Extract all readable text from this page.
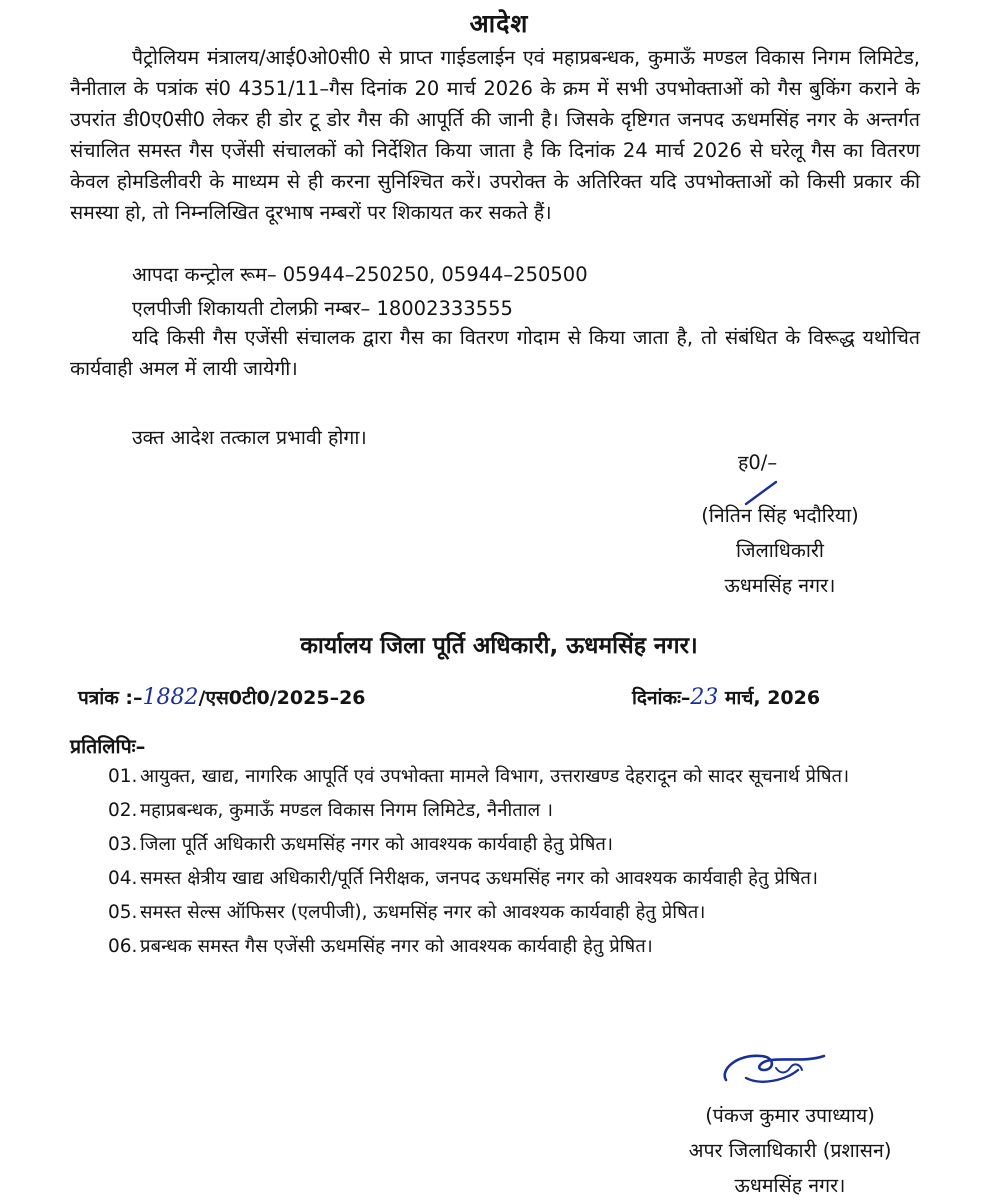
आदेश

पैट्रोलियम मंत्रालय/आई0ओ0सी0 से प्राप्त गाईडलाईन एवं महाप्रबन्धक, कुमाऊँ मण्डल विकास निगम लिमिटेड, नैनीताल के पत्रांक सं0 4351/11–गैस दिनांक 20 मार्च 2026 के क्रम में सभी उपभोक्ताओं को गैस बुकिंग कराने के उपरांत डी0ए0सी0 लेकर ही डोर टू डोर गैस की आपूर्ति की जानी है। जिसके दृष्टिगत जनपद ऊधमसिंह नगर के अन्तर्गत संचालित समस्त गैस एजेंसी संचालकों को निर्देशित किया जाता है कि दिनांक 24 मार्च 2026 से घरेलू गैस का वितरण केवल होमडिलीवरी के माध्यम से ही करना सुनिश्चित करें। उपरोक्त के अतिरिक्त यदि उपभोक्ताओं को किसी प्रकार की समस्या हो, तो निम्नलिखित दूरभाष नम्बरों पर शिकायत कर सकते हैं।

आपदा कन्ट्रोल रूम– 05944–250250, 05944–250500
एलपीजी शिकायती टोलफ्री नम्बर– 18002333555

यदि किसी गैस एजेंसी संचालक द्वारा गैस का वितरण गोदाम से किया जाता है, तो संबंधित के विरूद्ध यथोचित कार्यवाही अमल में लायी जायेगी।

उक्त आदेश तत्काल प्रभावी होगा।

ह0/–
(नितिन सिंह भदौरिया)
जिलाधिकारी
ऊधमसिंह नगर।
कार्यालय जिला पूर्ति अधिकारी, ऊधमसिंह नगर।
पत्रांक :–1882/एस0टी0/2025–26	दिनांकः–23 मार्च, 2026
प्रतिलिपिः–
01. आयुक्त, खाद्य, नागरिक आपूर्ति एवं उपभोक्ता मामले विभाग, उत्तराखण्ड देहरादून को सादर सूचनार्थ प्रेषित।
02. महाप्रबन्धक, कुमाऊँ मण्डल विकास निगम लिमिटेड, नैनीताल ।
03. जिला पूर्ति अधिकारी ऊधमसिंह नगर को आवश्यक कार्यवाही हेतु प्रेषित।
04. समस्त क्षेत्रीय खाद्य अधिकारी/पूर्ति निरीक्षक, जनपद ऊधमसिंह नगर को आवश्यक कार्यवाही हेतु प्रेषित।
05. समस्त सेल्स ऑफिसर (एलपीजी), ऊधमसिंह नगर को आवश्यक कार्यवाही हेतु प्रेषित।
06. प्रबन्धक समस्त गैस एजेंसी ऊधमसिंह नगर को आवश्यक कार्यवाही हेतु प्रेषित।
(पंकज कुमार उपाध्याय)
अपर जिलाधिकारी (प्रशासन)
ऊधमसिंह नगर।
